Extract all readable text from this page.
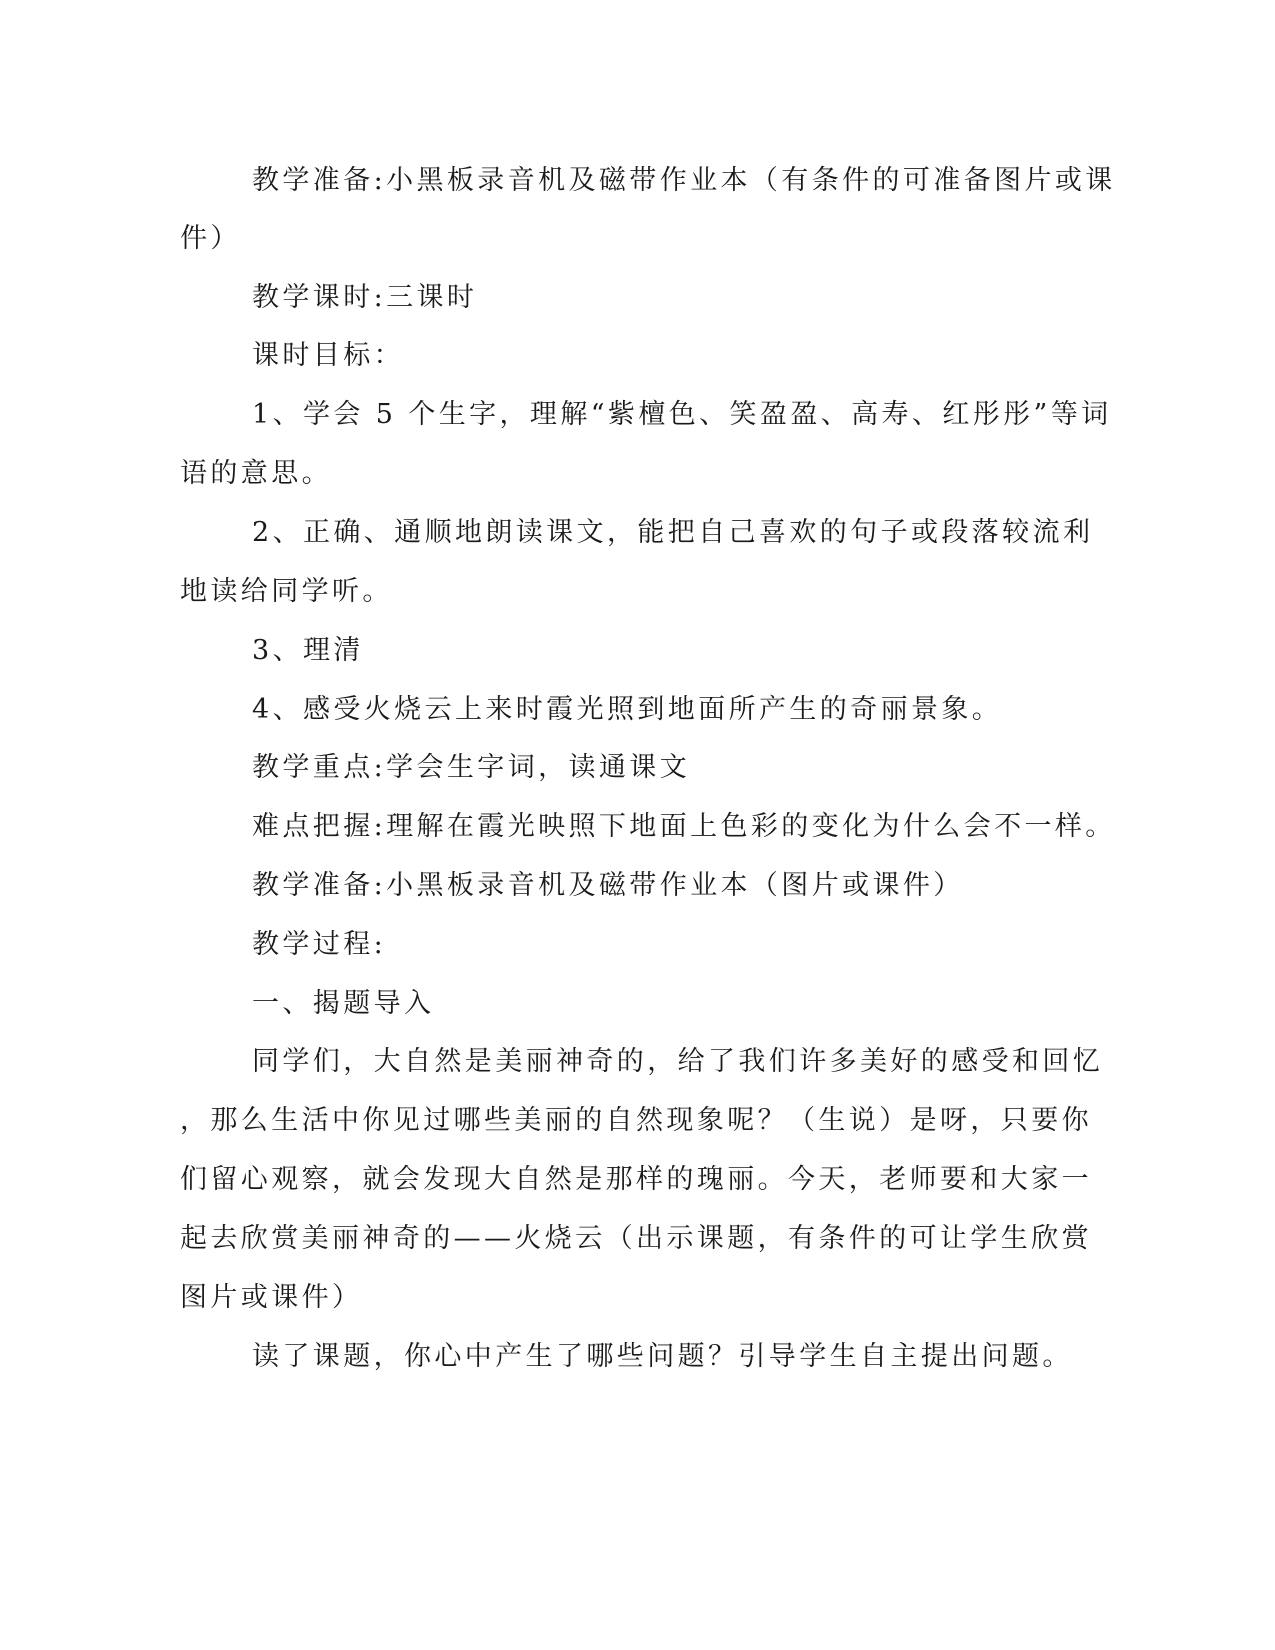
教学准备:小黑板录音机及磁带作业本（有条件的可准备图片或课
件）
教学课时:三课时
课时目标：
1、学会 5 个生字，理解“紫檀色、笑盈盈、高寿、红彤彤”等词
语的意思。
2、正确、通顺地朗读课文，能把自己喜欢的句子或段落较流利
地读给同学听。
3、理清
4、感受火烧云上来时霞光照到地面所产生的奇丽景象。
教学重点:学会生字词，读通课文
难点把握:理解在霞光映照下地面上色彩的变化为什么会不一样。
教学准备:小黑板录音机及磁带作业本（图片或课件）
教学过程:
一、揭题导入
同学们，大自然是美丽神奇的，给了我们许多美好的感受和回忆
，那么生活中你见过哪些美丽的自然现象呢？（生说）是呀，只要你
们留心观察，就会发现大自然是那样的瑰丽。今天，老师要和大家一
起去欣赏美丽神奇的——火烧云（出示课题，有条件的可让学生欣赏
图片或课件）
读了课题，你心中产生了哪些问题？引导学生自主提出问题。
